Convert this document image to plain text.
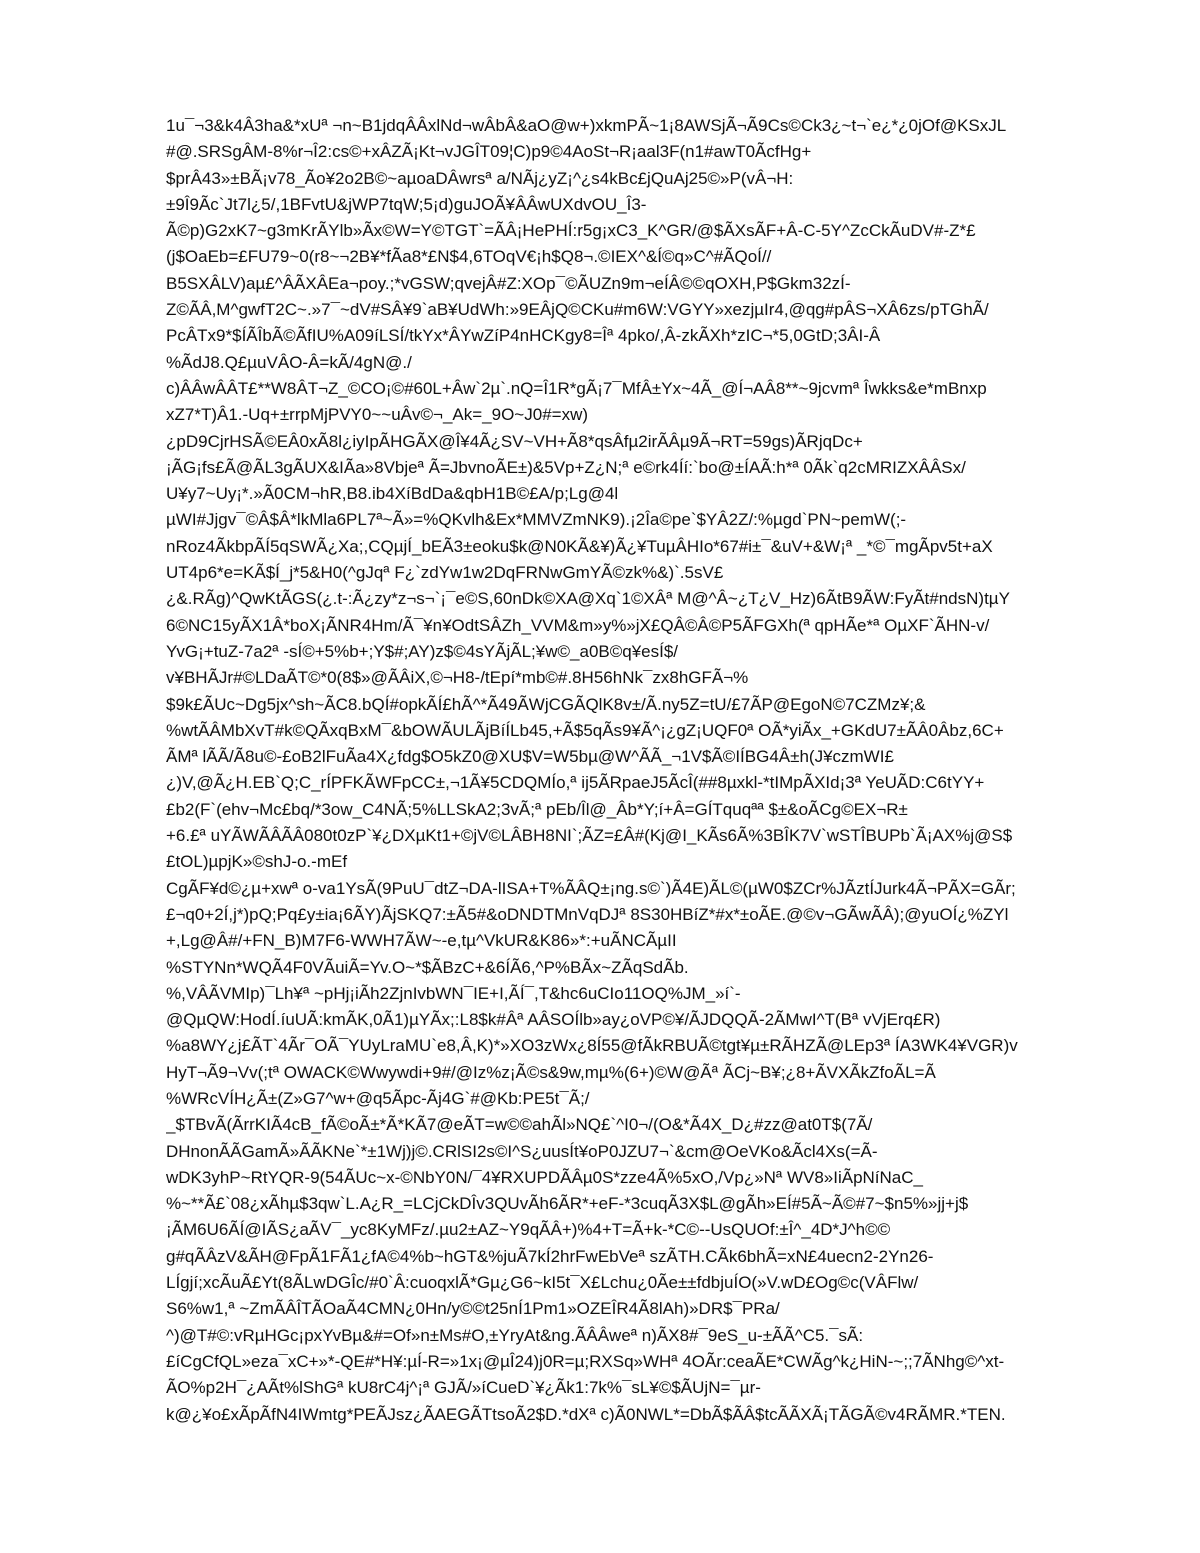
1u¯¬3&k4Â3ha&*xUª ¬n~B1jdqÂÂxlNd¬wÂbÂ&aO@w+)xkmPÃ~1¡8AWSjÃ¬Ã9Cs©Ck3¿~t¬`e¿*¿0jOf@KSxJL
#@.SRSgÂM-8%r¬Î2:cs©+xÂZÃ¡Kt¬vJGÎT09¦C)p9©4AoSt¬R¡aal3F(n1#awT0ÃcfHg+
$prÂ43»±BÃ¡v78_Ão¥2o2B©~aµoaDÂwrsª a/NÃj¿yZ¡^¿s4kBc£jQuAj25©»P(vÂ¬H:
±9Î9Ãc`Jt7l¿5/,1BFvtU&jWP7tqW;5¡d)guJOÃ¥ÂÂwUXdvOU_Î3-
Ã©p)G2xK7~g3mKrÃYlb»Ãx©W=Y©TGT`=ÃÂ¡HePHÍ:r5g¡xC3_K^GR/@$ÃXsÃF+Â-C-5Y^ZcCkÃuDV#-Z*£
(j$OaEb=£FU79~0(r8~¬2B¥*fÃa8*£N$4,6TOqV€¡h$Q8¬.©IEX^&Í©q»C^#ÃQoÍ//
B5SXÂLV)aµ£^ÂÃXÂEa¬poy.;*vGSW;qvejÂ#Z:XOp¯©ÃUZn9m¬eÍÂ©©qOXH,P$Gkm32zÍ-
Z©ÃÂ,M^gwfT2C~.»7¯~dV#SÂ¥9`aB¥UdWh:»9EÂjQ©CKu#m6W:VGYY»xezjµIr4,@qg#pÂS¬XÂ6zs/pTGhÃ/
PcÂTx9*$ÍÃÎbÃ©ÃfIU%A09íLSÍ/tkYx*ÂYwZíP4nHCKgy8=Îª 4pko/,Â-zkÃXh*zIC¬*5,0GtD;3ÂI-Â
%ÃdJ8.Q£µuVÂO-Â=kÃ/4gN@./
c)ÂÂwÂÂT£**W8ÂT¬Z_©CO¡©#60L+Âw`2µ`.nQ=Î1R*gÃ¡7¯MfÂ±Yx~4Ã_@Í¬AÂ8**~9jcvmª Îwkks&e*mBnxp
xZ7*T)Â1.-Uq+±rrpMjPVY0~~uÂv©¬_Ak=_9O~J0#=xw)
¿pD9CjrHSÃ©EÂ0xÃ8l¿iyIpÃHGÃX@Î¥4Ã¿SV~VH+Ã8*qsÂfµ2irÃÂµ9Ã¬RT=59gs)ÃRjqDc+
¡ÃG¡fs£Ã@ÃL3gÃUX&IÃa»8Vbjeª Ã=JbvnoÃE±)&5Vp+Z¿N;ª e©rk4Íí:`bo@±ÍAÃ:h*ª 0Ãk`q2cMRIZXÂÂSx/
U¥y7~Uy¡*.»Ã0CM¬hR,B8.ib4XíBdDa&qbH1B©£A/p;Lg@4l
µWI#Jjgv¯©Â$Â*lkMla6PL7ª~Ã»=%QKvlh&Ex*MMVZmNK9).¡2Îa©pe`$YÂ2Z/:%µgd`PN~pemW(;-
nRoz4ÃkbpÃÍ5qSWÃ¿Xa;,CQµjÍ_bEÃ3±eoku$k@N0KÃ&¥)Ã¿¥TuµÂHIo*67#i±¯&uV+&W¡ª _*©¯mgÃpv5t+aX
UT4p6*e=KÃ$Í_j*5&H0(^gJqª F¿`zdYw1w2DqFRNwGmYÃ©zk%&)`.5sV£
¿&.RÃg)^QwKtÃGS(¿.t-:Ã¿zy*z¬s¬`¡¯e©S,60nDk©XA@Xq`1©XÂª M@^Â~¿T¿V_Hz)6ÃtB9ÃW:FyÃt#ndsN)tµY
6©NC15yÃX1Â*boX¡ÃNR4Hm/Ã¯¥n¥OdtSÂZh_VVM&m»y%»jX£QÂ©Â©P5ÃFGXh(ª qpHÃe*ª OµXF`ÃHN-v/
YvG¡+tuZ-7a2ª -sÍ©+5%b+;Y$#;AY)z$©4sYÃjÃL;¥w©_a0B©q¥esÍ$/
v¥BHÃJr#©LDaÃT©*0(8$»@ÃÂiX,©¬H8-/tEpí*mb©#.8H56hNk¯zx8hGFÃ¬%
$9k£ÃUc~Dg5jx^sh~ÃC8.bQÍ#opkÃÍ£hÃ^*Ã49ÃWjCGÃQlK8v±/Ã.ny5Z=tU/£7ÃP@EgoN©7CZMz¥;&
%wtÃÂMbXvT#k©QÃxqBxM¯&bOWÃULÃjBíÍLb45,+Ã$5qÃs9¥Ã^¡¿gZ¡UQF0ª OÃ*yiÃx_+GKdU7±ÃÂ0Âbz,6C+
ÃMª lÃÃ/Ã8u©-£oB2lFuÃa4X¿fdg$O5kZ0@XU$V=W5bµ@W^ÃÃ_¬1V$Ã©IÍBG4Â±h(J¥czmWI£
¿)V,@Ã¿H.EB`Q;C_rÍPFKÃWFpCC±,¬1Ã¥5CDQMÍo,ª ij5ÃRpaeJ5ÃcÎ(##8µxkl-*tIMpÃXId¡3ª YeUÃD:C6tYY+
£b2(F`(ehv¬Mc£bq/*3ow_C4NÃ;5%LLSkA2;3vÃ;ª pEb/Îl@_Âb*Y;í+Â=GÍTquqªª $±&oÃCg©EX¬R±
+6.£ª uYÃWÃÂÃÂ080t0zP`¥¿DXµKt1+©jV©LÂBH8NI`;ÃZ=£Â#(Kj@I_KÃs6Ã%3BÎK7V`wSTÎBUPb`Ã¡AX%j@S$
£tOL)µpjK»©shJ-o.-mEf
CgÃF¥d©¿µ+xwª o-va1YsÃ(9PuU¯dtZ¬DA-lISA+T%ÃÂQ±¡ng.s©`)Ã4E)ÃL©(µW0$ZCr%JÃztÍJurk4Ã¬PÃX=GÃr;
£¬q0+2Í,j*)pQ;Pq£y±ia¡6ÃY)ÃjSKQ7:±Ã5#&oDNDTMnVqDJª 8S30HBíZ*#x*±oÃE.@©v¬GÃwÃÂ);@yuOÍ¿%ZYl
+,Lg@Â#/+FN_B)M7F6-WWH7ÃW~-e,tµ^VkUR&K86»*:+uÃNCÃµII
%STYNn*WQÃ4F0VÃuiÃ=Yv.O~*$ÃBzC+&6ÍÃ6,^P%BÃx~ZÃqSdÃb.
%,VÂÃVMIp)¯Lh¥ª ~pHj¡iÃh2ZjnIvbWN¯IE+I,ÃÍ¯,T&hc6uCIo11OQ%JM_»í`-
@QµQW:HodÍ.íuUÃ:kmÃK,0Ã1)µYÃx;:L8$k#Âª AÂSOÍlb»ay¿oVP©¥/ÃJDQQÃ-2ÃMwI^T(Bª vVjErq£R)
%a8WY¿j£ÃT`4Ãr¯OÃ¯YUyLraMU`e8,Â,K)*»XO3zWx¿8Í55@fÃkRBUÃ©tgt¥µ±RÃHZÃ@LEp3ª ÍA3WK4¥VGR)v
HyT¬Ã9¬Vv(;tª OWACK©Wwywdi+9#/@Iz%z¡Ã©s&9w,mµ%(6+)©W@Ãª ÃCj~B¥;¿8+ÃVXÃkZfoÃL=Ã
%WRcVÍH¿Ã±(Z»G7^w+@q5Ãpc-Ãj4G`#@Kb:PE5t¯Ã;/
_$TBvÃ(ÃrrKIÃ4cB_fÃ©oÃ±*Ã*KÃ7@eÃT=w©©ahÃl»NQ£`^I0¬/(O&*Ã4X_D¿#zz@at0T$(7Ã/
DHnonÃÃGamÃ»ÃÃKNe`*±1Wj)j©.CRlSI2s©I^S¿uusÍt¥oP0JZU7¬`&cm@OeVKo&Ãcl4Xs(=Ã-
wDK3yhP~RtYQR-9(54ÃUc~x-©NbY0N/¯4¥RXUPDÃÂµ0S*zze4Ã%5xO,/Vp¿»Nª WV8»IiÃpNíNaC_
%~**Ã£`08¿xÃhµ$3qw`L.A¿R_=LCjCkDÎv3QUvÃh6ÃR*+eF-*3cuqÃ3X$L@gÃh»EÍ#5Ã~Ã©#7~$n5%»jj+j$
¡ÃM6U6ÃÍ@IÃS¿aÃV¯_yc8KyMFz/.µu2±AZ~Y9qÃÂ+)%4+T=Ã+k-*C©--UsQUOf:±Î^_4D*J^h©©
g#qÃÂzV&ÃH@FpÃ1FÃ1¿fA©4%b~hGT&%juÃ7kÍ2hrFwEbVeª szÃTH.CÃk6bhÃ=xN£4uecn2-2Yn26-
LÍgjí;xcÃuÃ£Yt(8ÃLwDGÎc/#0`Â:cuoqxlÃ*Gµ¿G6~kI5t¯X£Lchu¿0Ãe±±fdbjuÍO(»V.wD£Og©c(VÂFlw/
S6%w1,ª ~ZmÃÂÎTÃOaÃ4CMN¿0Hn/y©©t25nÍ1Pm1»OZEÎR4Ã8lAh)»DR$¯PRa/
^)@T#©:vRµHGc¡pxYvBµ&#=Of»n±Ms#O,±YryAt&ng.ÃÂÂweª n)ÃX8#¯9eS_u-±ÃÃ^C5.¯sÃ:
£íCgCfQL»eza¯xC+»*-QE#*H¥:µÍ-R=»1x¡@µÎ24)j0R=µ;RXSq»WHª 4OÃr:ceaÃE*CWÃg^k¿HiN-~;;7ÃNhg©^xt-
ÃO%p2H¯¿AÃt%lShGª kU8rC4j^¡ª GJÃ/»íCueD`¥¿Ãk1:7k%¯sL¥©$ÃUjN=¯µr-
k@¿¥o£xÃpÃfN4IWmtg*PEÃJsz¿ÃAEGÃTtsoÃ2$D.*dXª c)Ã0NWL*=DbÃ$ÃÂ$tcÃÃXÃ¡TÃGÃ©v4RÃMR.*TEN.
